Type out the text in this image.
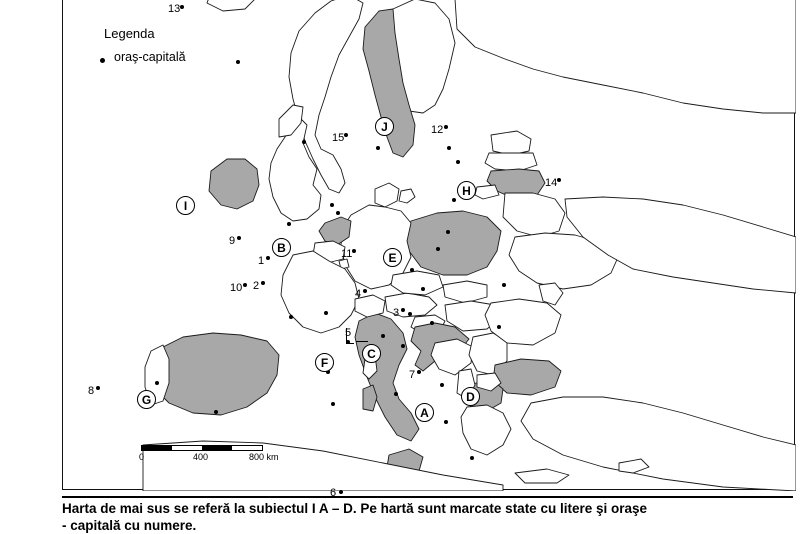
0	400	800 km
Legenda
oraş-capitală
1
2
3
4
5
6
7
8
9
10
11
12
13
14
15
A
B
C
D
E
F
G
H
I
J
Harta de mai sus se referă la subiectul I A – D. Pe hartă sunt marcate state cu litere şi oraşe
- capitală cu numere.
